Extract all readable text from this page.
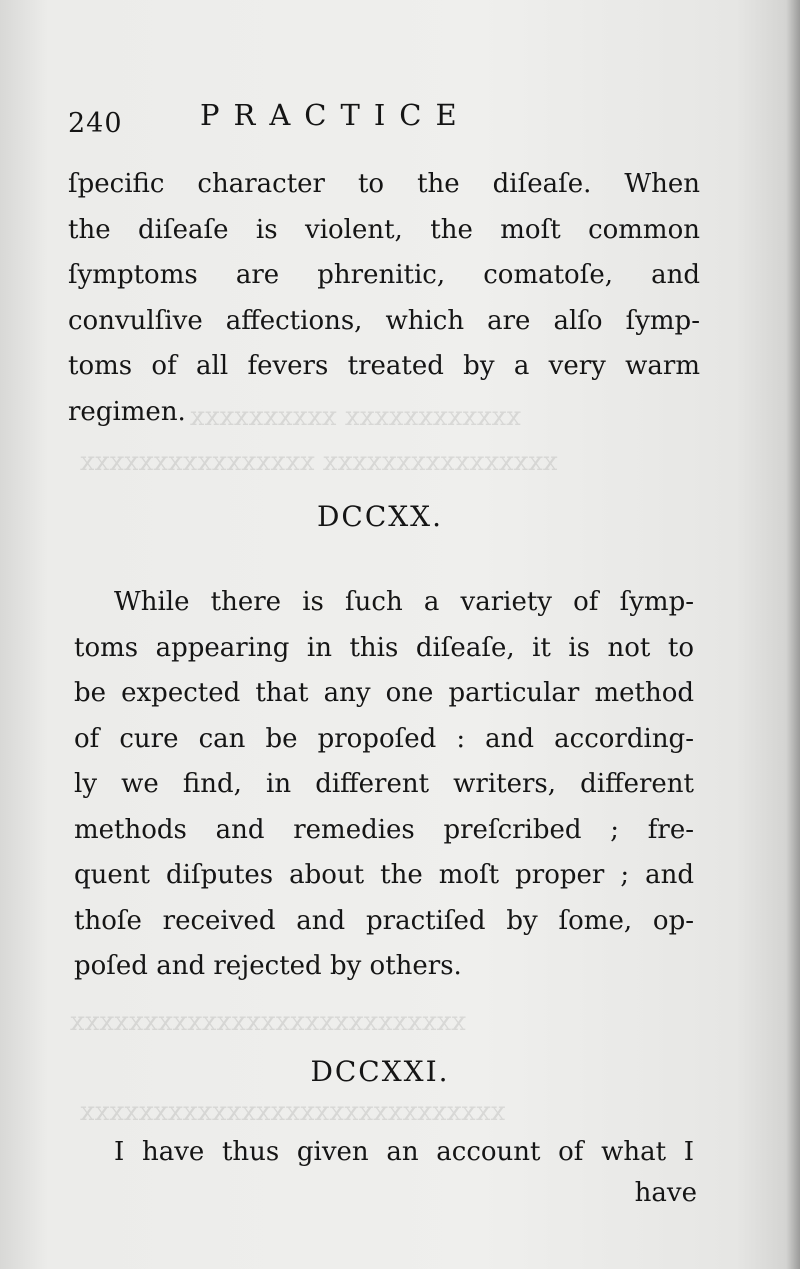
xxxxxxxxxxxx xxxxxxxxxx
xxxxxxxxxxxxxxxx xxxxxxxxxxxxxxxx
xxxxxxxxxxxxxxxxxxxxxxxxxxx
xxxxxxxxxxxxxxxxxxxxxxxxxxxxx
240	PRACTICE
ſpecific character to the diſeaſe. When
the diſeaſe is violent, the moſt common
ſymptoms are phrenitic, comatoſe, and
convulſive affections, which are alſo ſymp-
toms of all fevers treated by a very warm
regimen.
DCCXX.
While there is ſuch a variety of ſymp-
toms appearing in this diſeaſe, it is not to
be expected that any one particular method
of cure can be propoſed : and according-
ly we find, in different writers, different
methods and remedies preſcribed ; fre-
quent diſputes about the moſt proper ; and
thoſe received and practiſed by ſome, op-
poſed and rejected by others.
DCCXXI.
I have thus given an account of what I
have
